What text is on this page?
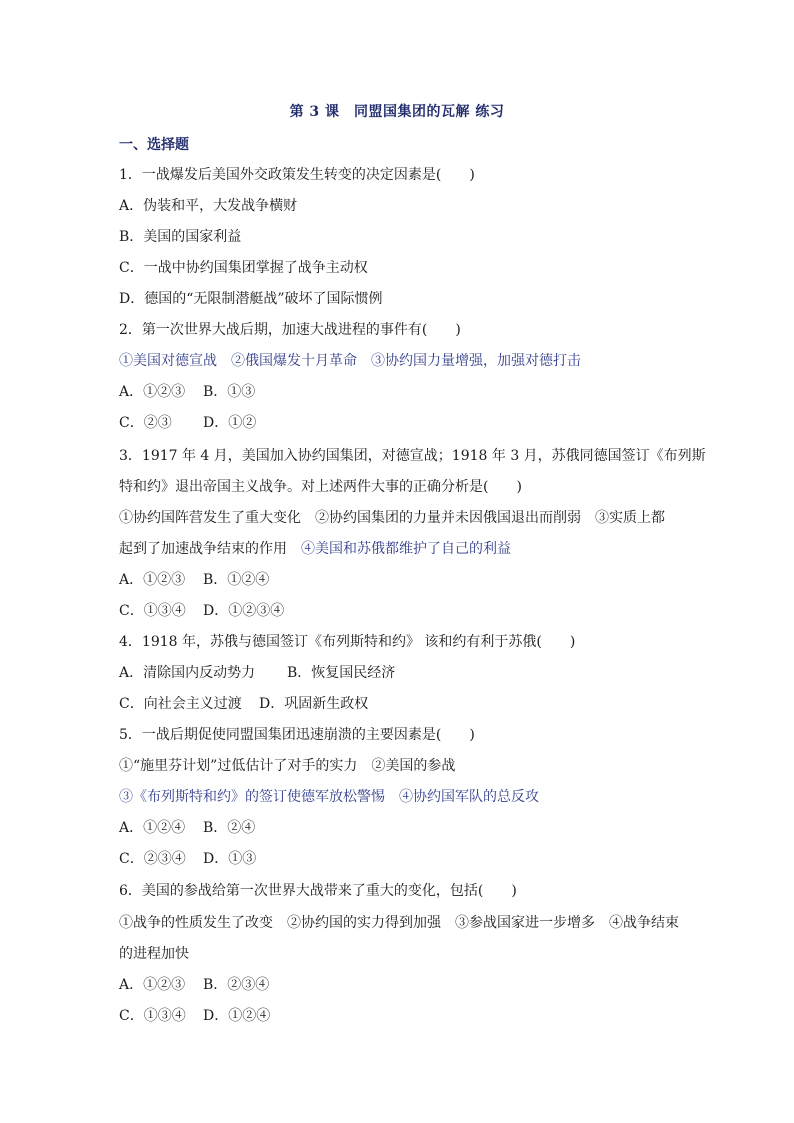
第 3 课　同盟国集团的瓦解 练习
一、选择题
1．一战爆发后美国外交政策发生转变的决定因素是(　　)
A．伪装和平，大发战争横财
B．美国的国家利益
C．一战中协约国集团掌握了战争主动权
D．德国的“无限制潜艇战”破坏了国际惯例
2．第一次世界大战后期，加速大战进程的事件有(　　)
①美国对德宣战　②俄国爆发十月革命　③协约国力量增强，加强对德打击
A．①②③ B．①③
C．②③ D．①②
3．1917 年 4 月，美国加入协约国集团，对德宣战；1918 年 3 月，苏俄同德国签订《布列斯
特和约》退出帝国主义战争。对上述两件大事的正确分析是(　　)
①协约国阵营发生了重大变化　②协约国集团的力量并未因俄国退出而削弱　③实质上都
起到了加速战争结束的作用　④美国和苏俄都维护了自己的利益
A．①②③ B．①②④
C．①③④ D．①②③④
4．1918 年，苏俄与德国签订《布列斯特和约》 该和约有利于苏俄(　　)
A．清除国内反动势力 B．恢复国民经济
C．向社会主义过渡 D．巩固新生政权
5．一战后期促使同盟国集团迅速崩溃的主要因素是(　　)
①“施里芬计划”过低估计了对手的实力　②美国的参战
③《布列斯特和约》的签订使德军放松警惕　④协约国军队的总反攻
A．①②④ B．②④
C．②③④ D．①③
6．美国的参战给第一次世界大战带来了重大的变化，包括(　　)
①战争的性质发生了改变　②协约国的实力得到加强　③参战国家进一步增多　④战争结束
的进程加快
A．①②③ B．②③④
C．①③④ D．①②④
